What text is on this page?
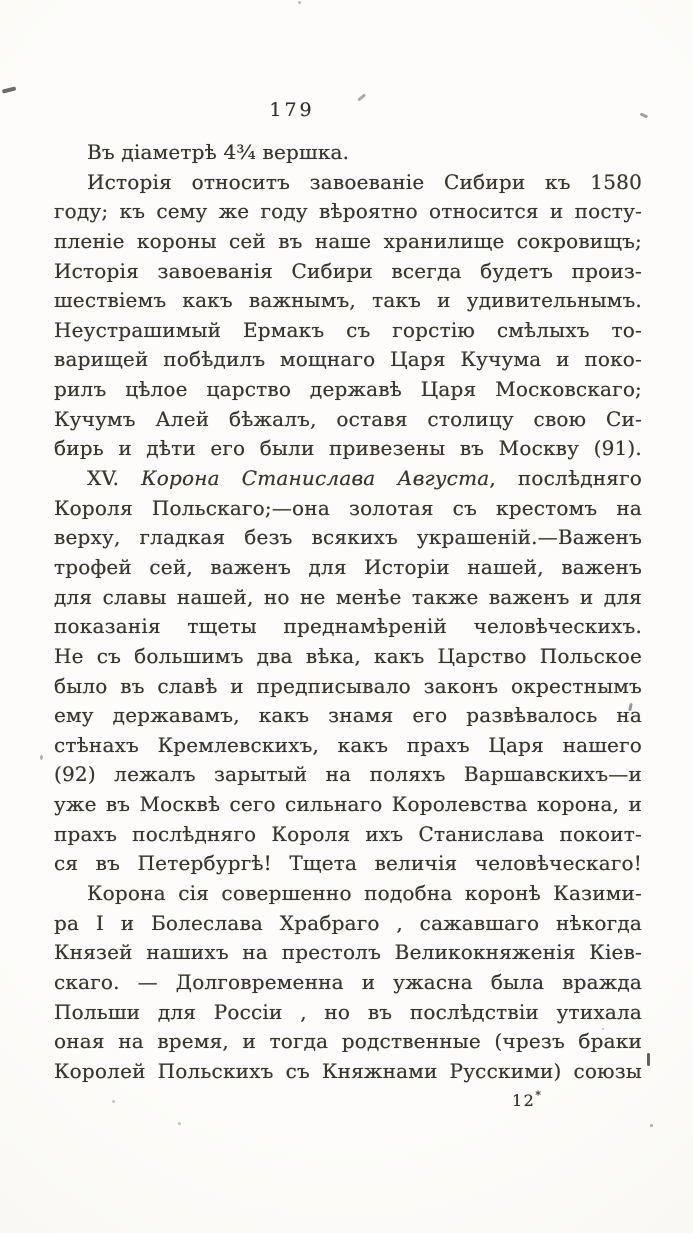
179
Въ діаметрѣ 4¾ вершка.
Исторія относитъ завоеваніе Сибири къ 1580
году; къ сему же году вѣроятно относится и посту-
пленіе короны сей въ наше хранилище сокровищъ;
Исторія завоеванія Сибири всегда будетъ произ-
шествіемъ какъ важнымъ, такъ и удивительнымъ.
Неустрашимый Ермакъ съ горстію смѣлыхъ то-
варищей побѣдилъ мощнаго Царя Кучума и поко-
рилъ цѣлое царство державѣ Царя Московскаго;
Кучумъ Алей бѣжалъ, оставя столицу свою Си-
бирь и дѣти его были привезены въ Москву (91).
XV. Корона Станислава Августа, послѣдняго
Короля Польскаго;—она золотая съ крестомъ на
верху, гладкая безъ всякихъ украшеній.—Важенъ
трофей сей, важенъ для Исторіи нашей, важенъ
для славы нашей, но не менѣе также важенъ и для
показанія тщеты преднамѣреній человѣческихъ.
Не съ большимъ два вѣка, какъ Царство Польское
было въ славѣ и предписывало законъ окрестнымъ
ему державамъ, какъ знамя его развѣвалось на
стѣнахъ Кремлевскихъ, какъ прахъ Царя нашего
(92) лежалъ зарытый на поляхъ Варшавскихъ—и
уже въ Москвѣ сего сильнаго Королевства корона, и
прахъ послѣдняго Короля ихъ Станислава покоит-
ся въ Петербургѣ! Тщета величія человѣческаго!
Корона сія совершенно подобна коронѣ Казими-
ра I и Болеслава Храбраго , сажавшаго нѣкогда
Князей нашихъ на престолъ Великокняженія Кіев-
скаго. — Долговременна и ужасна была вражда
Польши для Россіи , но въ послѣдствіи утихала
оная на время, и тогда родственные (чрезъ браки
Королей Польскихъ съ Княжнами Русскими) союзы
12*
